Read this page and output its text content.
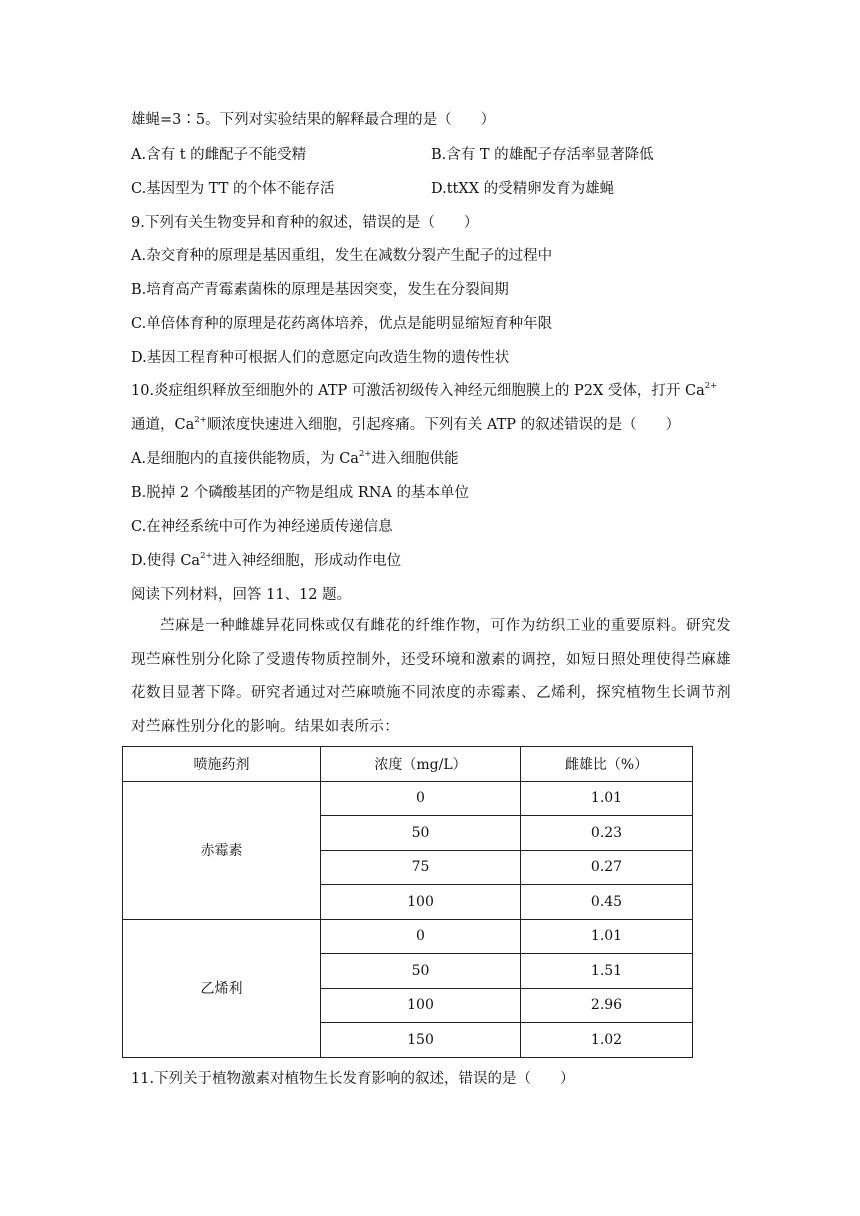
雄蝇=3∶5。下列对实验结果的解释最合理的是（　　）
A.含有 t 的雌配子不能受精	B.含有 T 的雄配子存活率显著降低
C.基因型为 TT 的个体不能存活	D.ttXX 的受精卵发育为雄蝇
9.下列有关生物变异和育种的叙述，错误的是（　　）
A.杂交育种的原理是基因重组，发生在减数分裂产生配子的过程中
B.培育高产青霉素菌株的原理是基因突变，发生在分裂间期
C.单倍体育种的原理是花药离体培养，优点是能明显缩短育种年限
D.基因工程育种可根据人们的意愿定向改造生物的遗传性状
10.炎症组织释放至细胞外的 ATP 可激活初级传入神经元细胞膜上的 P2X 受体，打开 $Ca^{2+}$
通道，$Ca^{2+}$顺浓度快速进入细胞，引起疼痛。下列有关 ATP 的叙述错误的是（　　）
A.是细胞内的直接供能物质，为 $Ca^{2+}$进入细胞供能
B.脱掉 2 个磷酸基团的产物是组成 RNA 的基本单位
C.在神经系统中可作为神经递质传递信息
D.使得 $Ca^{2+}$进入神经细胞，形成动作电位
阅读下列材料，回答 11、12 题。
苎麻是一种雌雄异花同株或仅有雌花的纤维作物，可作为纺织工业的重要原料。研究发现苎麻性别分化除了受遗传物质控制外，还受环境和激素的调控，如短日照处理使得苎麻雄花数目显著下降。研究者通过对苎麻喷施不同浓度的赤霉素、乙烯利，探究植物生长调节剂对苎麻性别分化的影响。结果如表所示：
喷施药剂	浓度（mg/L）	雌雄比（%）
赤霉素	0	1.01
	50	0.23
	75	0.27
	100	0.45
乙烯利	0	1.01
	50	1.51
	100	2.96
	150	1.02
11.下列关于植物激素对植物生长发育影响的叙述，错误的是（　　）
